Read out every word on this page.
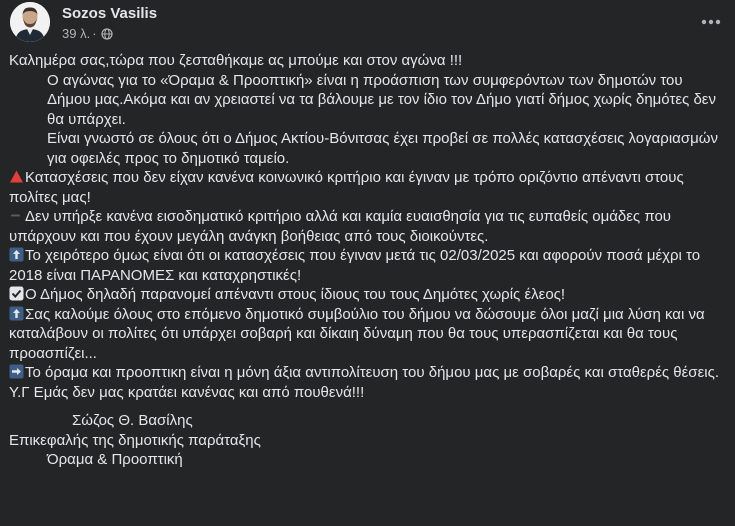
Sozos Vasilis
39 λ. ·

Καλημέρα σας,τώρα που ζεσταθήκαμε ας μπούμε και στον αγώνα !!!

Ο αγώνας για το «Όραμα & Προοπτική» είναι η προάσπιση των συμφερόντων των δημοτών του Δήμου μας.Ακόμα και αν χρειαστεί να τα βάλουμε με τον ίδιο τον Δήμο γιατί δήμος χωρίς δημότες δεν θα υπάρχει.

Είναι γνωστό σε όλους ότι ο Δήμος Ακτίου-Βόνιτσας έχει προβεί σε πολλές κατασχέσεις λογαριασμών για οφειλές προς το δημοτικό ταμείο.

Κατασχέσεις που δεν είχαν κανένα κοινωνικό κριτήριο και έγιναν με τρόπο οριζόντιο απέναντι στους πολίτες μας!

Δεν υπήρξε κανένα εισοδηματικό κριτήριο αλλά και καμία ευαισθησία για τις ευπαθείς ομάδες που υπάρχουν και που έχουν μεγάλη ανάγκη βοήθειας από τους διοικούντες.

Το χειρότερο όμως είναι ότι οι κατασχέσεις που έγιναν μετά τις 02/03/2025 και αφορούν ποσά μέχρι το 2018 είναι ΠΑΡΑΝΟΜΕΣ και καταχρηστικές!

Ο Δήμος δηλαδή παρανομεί απέναντι στους ίδιους του τους Δημότες χωρίς έλεος!

Σας καλούμε όλους στο επόμενο δημοτικό συμβούλιο του δήμου να δώσουμε όλοι μαζί μια λύση και να καταλάβουν οι πολίτες ότι υπάρχει σοβαρή και δίκαιη δύναμη που θα τους υπερασπίζεται και θα τους προασπίζει...

Το όραμα και προοπτικη είναι η μόνη άξια αντιπολίτευση του δήμου μας με σοβαρές και σταθερές θέσεις.

Υ.Γ Εμάς δεν μας κρατάει κανένας και από πουθενά!!!

Σώζος Θ. Βασίλης

Επικεφαλής της δημοτικής παράταξης

Όραμα & Προοπτική
